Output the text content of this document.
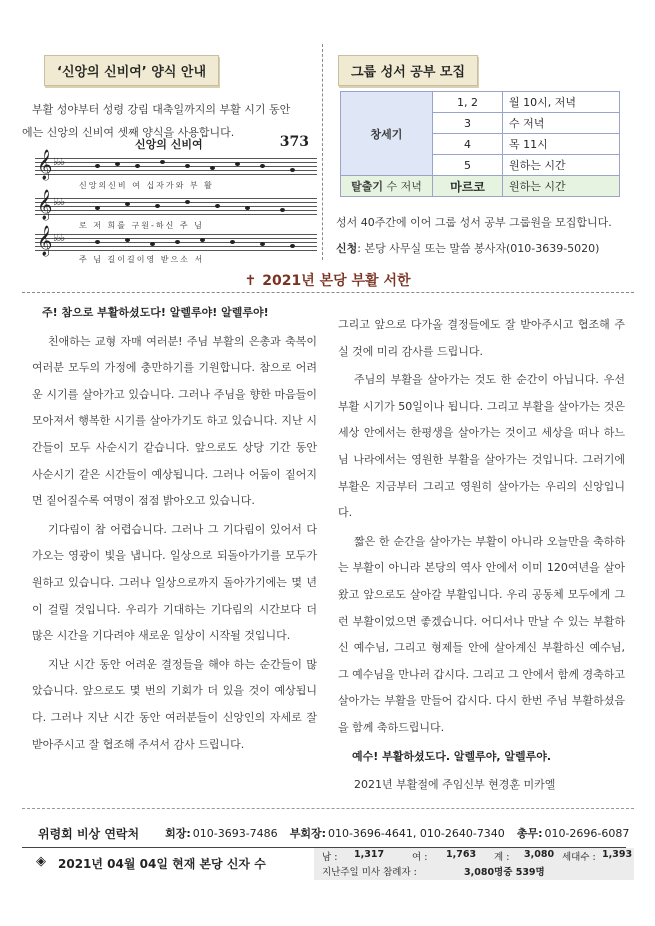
‘신앙의 신비여’ 양식 안내
부활 성야부터 성령 강림 대축일까지의 부활 시기 동안
에는 신앙의 신비여 셋째 양식을 사용합니다.
신앙의 신비여	373
𝄞 ♭♭♭
신앙의신비 여 십자가와 부 활
𝄞 ♭♭♭
로 저 희를 구원-하신 주 님
𝄞 ♭♭♭
주 님 길이길이영 받으소 서
그룹 성서 공부 모집
창세기	1, 2	월 10시, 저녁
	3	수 저녁
	4	목 11시
	5	원하는 시간
탈출기 수 저녁	마르코	원하는 시간
성서 40주간에 이어 그룹 성서 공부 그룹원을 모집합니다.
신청: 본당 사무실 또는 말씀 봉사자(010-3639-5020)
✝ 2021년 본당 부활 서한

주! 참으로 부활하셨도다! 알렐루야! 알렐루야!

친애하는 교형 자매 여러분! 주님 부활의 은총과 축복이 여러분 모두의 가정에 충만하기를 기원합니다. 참으로 어려운 시기를 살아가고 있습니다. 그러나 주님을 향한 마음들이 모아져서 행복한 시기를 살아가기도 하고 있습니다. 지난 시간들이 모두 사순시기 같습니다. 앞으로도 상당 기간 동안 사순시기 같은 시간들이 예상됩니다. 그러나 어둠이 짙어지면 짙어질수록 여명이 점점 밝아오고 있습니다.

기다림이 참 어렵습니다. 그러나 그 기다림이 있어서 다가오는 영광이 빛을 냅니다. 일상으로 되돌아가기를 모두가 원하고 있습니다. 그러나 일상으로까지 돌아가기에는 몇 년이 걸릴 것입니다. 우리가 기대하는 기다림의 시간보다 더 많은 시간을 기다려야 새로운 일상이 시작될 것입니다.

지난 시간 동안 어려운 결정들을 해야 하는 순간들이 많았습니다. 앞으로도 몇 번의 기회가 더 있을 것이 예상됩니다. 그러나 지난 시간 동안 여러분들이 신앙인의 자세로 잘 받아주시고 잘 협조해 주셔서 감사 드립니다.

그리고 앞으로 다가올 결정들에도 잘 받아주시고 협조해 주실 것에 미리 감사를 드립니다.

주님의 부활을 살아가는 것도 한 순간이 아닙니다. 우선 부활 시기가 50일이나 됩니다. 그리고 부활을 살아가는 것은 세상 안에서는 한평생을 살아가는 것이고 세상을 떠나 하느님 나라에서는 영원한 부활을 살아가는 것입니다. 그러기에 부활은 지금부터 그리고 영원히 살아가는 우리의 신앙입니다.

짧은 한 순간을 살아가는 부활이 아니라 오늘만을 축하하는 부활이 아니라 본당의 역사 안에서 이미 120여년을 살아왔고 앞으로도 살아갈 부활입니다. 우리 공동체 모두에게 그런 부활이었으면 좋겠습니다. 어디서나 만날 수 있는 부활하신 예수님, 그리고 형제들 안에 살아계신 부활하신 예수님, 그 예수님을 만나러 갑시다. 그리고 그 안에서 함께 경축하고 살아가는 부활을 만들어 갑시다. 다시 한번 주님 부활하셨음을 함께 축하드립니다.

예수! 부활하셨도다. 알렐루야, 알렐루야.

2021년 부활절에 주임신부 현경훈 미카엘

위령회 비상 연락처 회장: 010-3693-7486 부회장: 010-3696-4641, 010-2640-7340 총무: 010-2696-6087
◈ 2021년 04월 04일 현재 본당 신자 수	남 : 1,317	여 : 1,763 계 : 3,080 세대수 : 1,393
지난주일 미사 참례자 :	3,080명중 539명
